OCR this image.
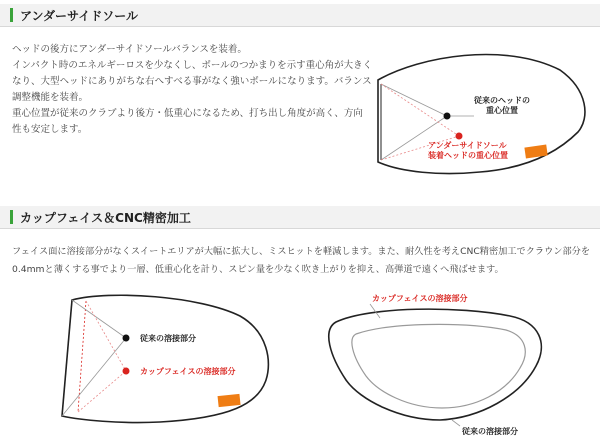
アンダーサイドソール

ヘッドの後方にアンダーサイドソールバランスを装着。

インパクト時のエネルギーロスを少なくし、ボールのつかまりを示す重心角が大きく

なり、大型ヘッドにありがちな右へすべる事がなく強いボールになります。バランス

調整機能を装着。

重心位置が従来のクラブより後方・低重心になるため、打ち出し角度が高く、方向

性も安定します。

カップフェイス＆CNC精密加工

フェイス面に溶接部分がなくスイートエリアが大幅に拡大し、ミスヒットを軽減します。また、耐久性を考えCNC精密加工でクラウン部分を

0.4mmと薄くする事でより一層、低重心化を計り、スピン量を少なく吹き上がりを抑え、高弾道で遠くへ飛ばせます。

従来のヘッドの
重心位置
アンダーサイドソール
装着ヘッドの重心位置
従来の溶接部分
カップフェイスの溶接部分
カップフェイスの溶接部分
従来の溶接部分
